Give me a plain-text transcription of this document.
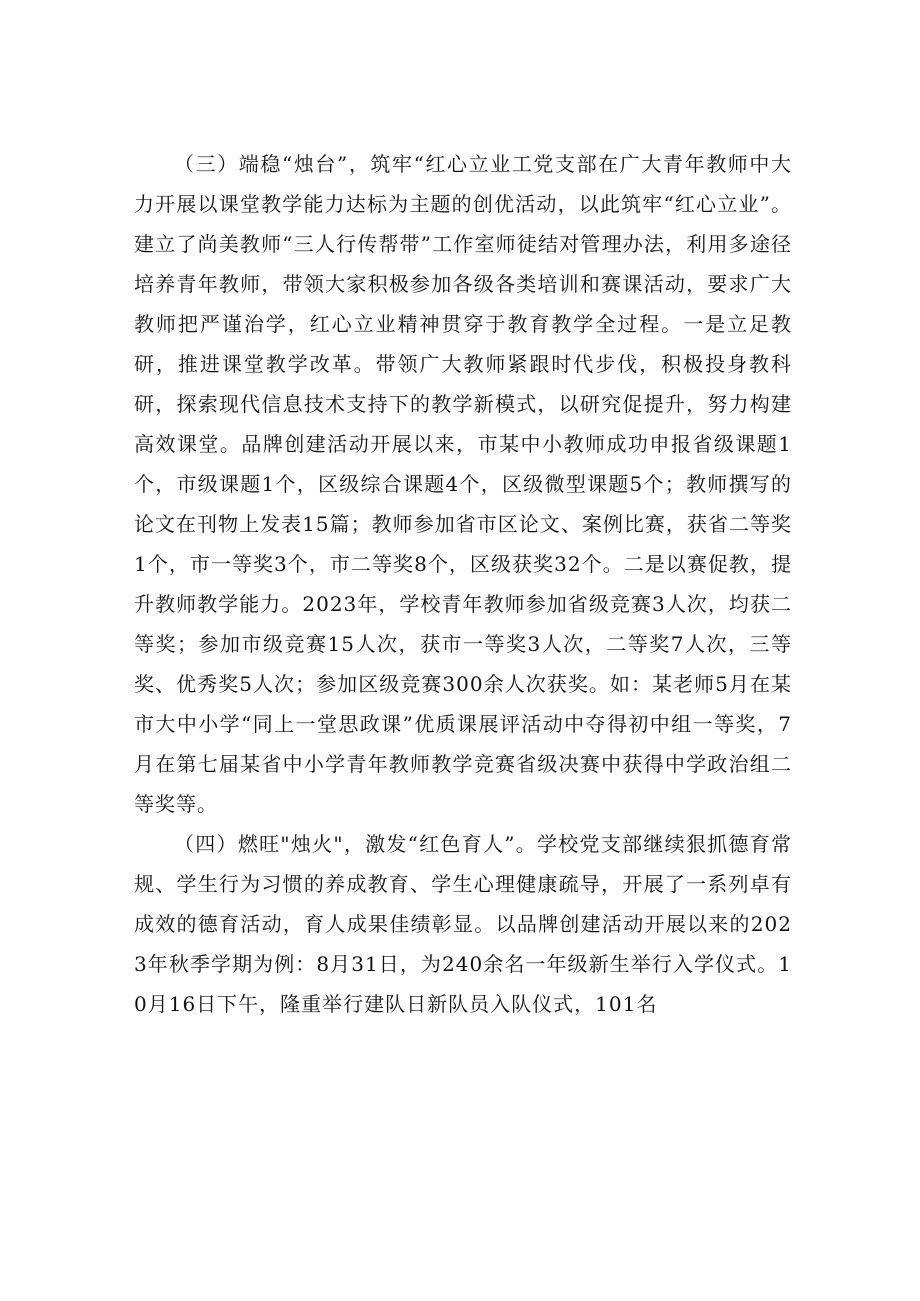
（三）端稳“烛台”，筑牢“红心立业工党支部在广大青年教师中大力开展以课堂教学能力达标为主题的创优活动，以此筑牢“红心立业”。建立了尚美教师“三人行传帮带”工作室师徒结对管理办法，利用多途径培养青年教师，带领大家积极参加各级各类培训和赛课活动，要求广大教师把严谨治学，红心立业精神贯穿于教育教学全过程。一是立足教研，推进课堂教学改革。带领广大教师紧跟时代步伐，积极投身教科研，探索现代信息技术支持下的教学新模式，以研究促提升，努力构建高效课堂。品牌创建活动开展以来，市某中小教师成功申报省级课题1个，市级课题1个，区级综合课题4个，区级微型课题5个；教师撰写的论文在刊物上发表15篇；教师参加省市区论文、案例比赛，获省二等奖1个，市一等奖3个，市二等奖8个，区级获奖32个。二是以赛促教，提升教师教学能力。2023年，学校青年教师参加省级竞赛3人次，均获二等奖；参加市级竞赛15人次，获市一等奖3人次，二等奖7人次，三等奖、优秀奖5人次；参加区级竞赛300余人次获奖。如：某老师5月在某市大中小学“同上一堂思政课”优质课展评活动中夺得初中组一等奖，7月在第七届某省中小学青年教师教学竞赛省级决赛中获得中学政治组二等奖等。

（四）燃旺"烛火"，激发“红色育人”。学校党支部继续狠抓德育常规、学生行为习惯的养成教育、学生心理健康疏导，开展了一系列卓有成效的德育活动，育人成果佳绩彰显。以品牌创建活动开展以来的2023年秋季学期为例：8月31日，为240余名一年级新生举行入学仪式。10月16日下午，隆重举行建队日新队员入队仪式，101名
